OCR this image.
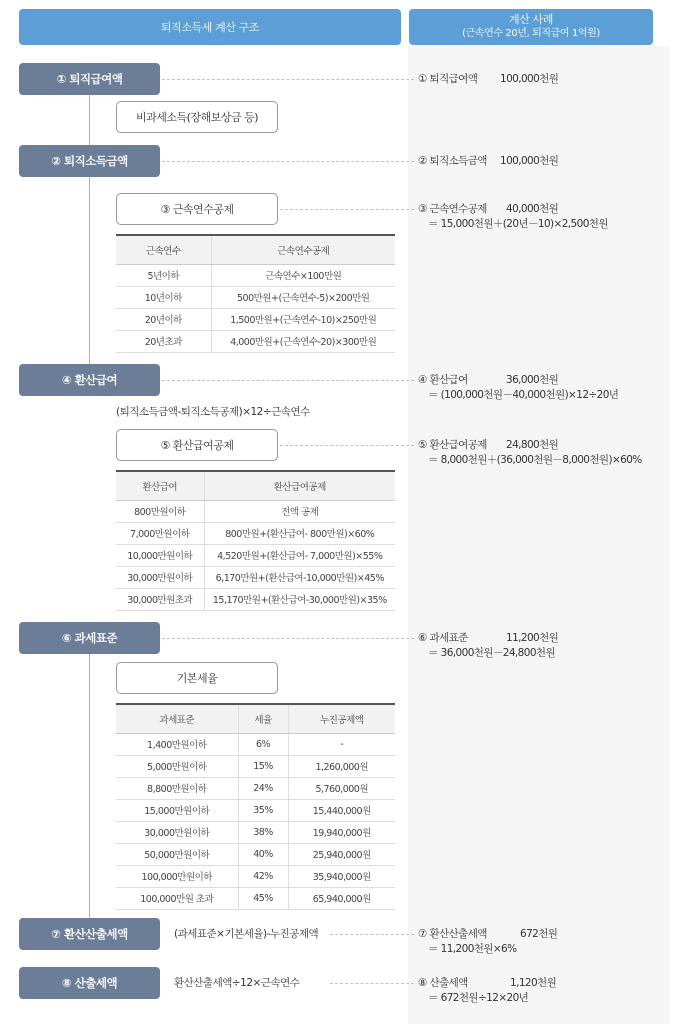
퇴직소득세 계산 구조
계산 사례
(근속연수 20년, 퇴직급여 1억원)
① 퇴직급여액
② 퇴직소득금액
④ 환산급여
⑥ 과세표준
⑦ 환산산출세액
⑧ 산출세액
비과세소득(장해보상금 등)
③ 근속연수공제
⑤ 환산급여공제
기본세율
(퇴직소득금액-퇴직소득공제)×12÷근속연수
(과세표준×기본세율)-누진공제액
환산산출세액÷12×근속연수
근속연수	근속연수공제
5년이하	근속연수×100만원
10년이하	500만원+(근속연수-5)×200만원
20년이하	1,500만원+(근속연수-10)×250만원
20년초과	4,000만원+(근속연수-20)×300만원
환산급여	환산급여공제
800만원이하	전액 공제
7,000만원이하	800만원+(환산급여- 800만원)×60%
10,000만원이하	4,520만원+(환산급여- 7,000만원)×55%
30,000만원이하	6,170만원+(환산급여-10,000만원)×45%
30,000만원초과	15,170만원+(환산급여-30,000만원)×35%
과세표준	세율	누진공제액
1,400만원이하	6%	-
5,000만원이하	15%	1,260,000원
8,800만원이하	24%	5,760,000원
15,000만원이하	35%	15,440,000원
30,000만원이하	38%	19,940,000원
50,000만원이하	40%	25,940,000원
100,000만원이하	42%	35,940,000원
100,000만원 초과	45%	65,940,000원
① 퇴직급여액 100,000천원
② 퇴직소득금액 100,000천원
③ 근속연수공제 40,000천원
＝ 15,000천원＋(20년－10)×2,500천원
④ 환산급여	36,000천원
＝ (100,000천원－40,000천원)×12÷20년
⑤ 환산급여공제 24,800천원
＝ 8,000천원＋(36,000천원－8,000천원)×60%
⑥ 과세표준	11,200천원
＝ 36,000천원－24,800천원
⑦ 환산산출세액	672천원
＝ 11,200천원×6%
⑧ 산출세액	1,120천원
＝ 672천원÷12×20년
